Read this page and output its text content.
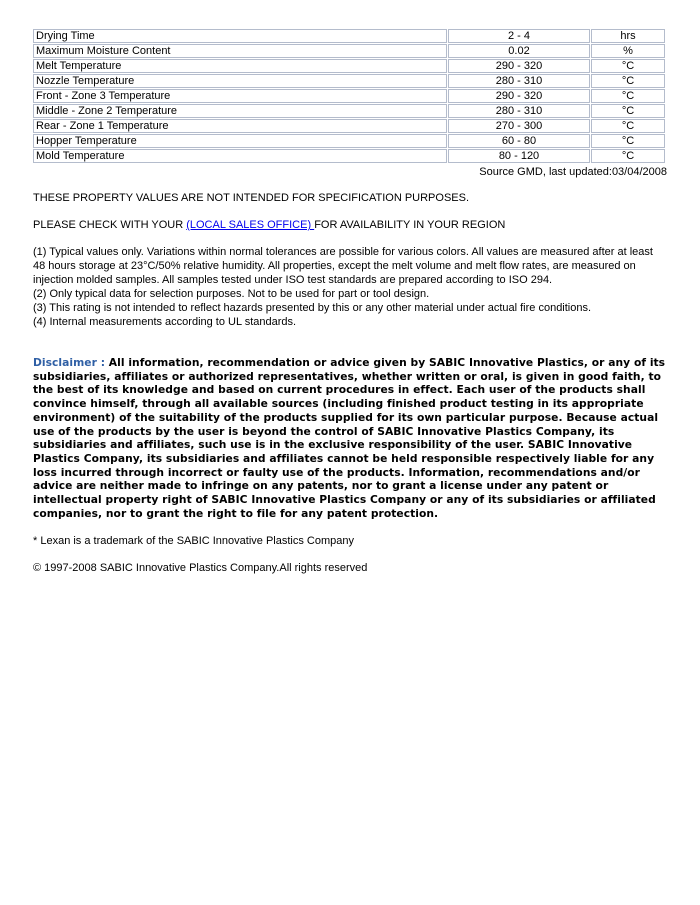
Drying Time	2 - 4	hrs
Maximum Moisture Content	0.02	%
Melt Temperature	290 - 320	°C
Nozzle Temperature	280 - 310	°C
Front - Zone 3 Temperature	290 - 320	°C
Middle - Zone 2 Temperature	280 - 310	°C
Rear - Zone 1 Temperature	270 - 300	°C
Hopper Temperature	60 - 80	°C
Mold Temperature	80 - 120	°C
Source GMD, last updated:03/04/2008

THESE PROPERTY VALUES ARE NOT INTENDED FOR SPECIFICATION PURPOSES.

PLEASE CHECK WITH YOUR (LOCAL SALES OFFICE) FOR AVAILABILITY IN YOUR REGION

(1) Typical values only. Variations within normal tolerances are possible for various colors. All values are measured after at least 48 hours storage at 23°C/50% relative humidity. All properties, except the melt volume and melt flow rates, are measured on injection molded samples. All samples tested under ISO test standards are prepared according to ISO 294.

(2) Only typical data for selection purposes. Not to be used for part or tool design.

(3) This rating is not intended to reflect hazards presented by this or any other material under actual fire conditions.

(4) Internal measurements according to UL standards.

Disclaimer : All information, recommendation or advice given by SABIC Innovative Plastics, or any of its subsidiaries, affiliates or authorized representatives, whether written or oral, is given in good faith, to the best of its knowledge and based on current procedures in effect. Each user of the products shall convince himself, through all available sources (including finished product testing in its appropriate environment) of the suitability of the products supplied for its own particular purpose. Because actual use of the products by the user is beyond the control of SABIC Innovative Plastics Company, its subsidiaries and affiliates, such use is in the exclusive responsibility of the user. SABIC Innovative Plastics Company, its subsidiaries and affiliates cannot be held responsible respectively liable for any loss incurred through incorrect or faulty use of the products. Information, recommendations and/or advice are neither made to infringe on any patents, nor to grant a license under any patent or intellectual property right of SABIC Innovative Plastics Company or any of its subsidiaries or affiliated companies, nor to grant the right to file for any patent protection.

* Lexan is a trademark of the SABIC Innovative Plastics Company

© 1997-2008 SABIC Innovative Plastics Company.All rights reserved
